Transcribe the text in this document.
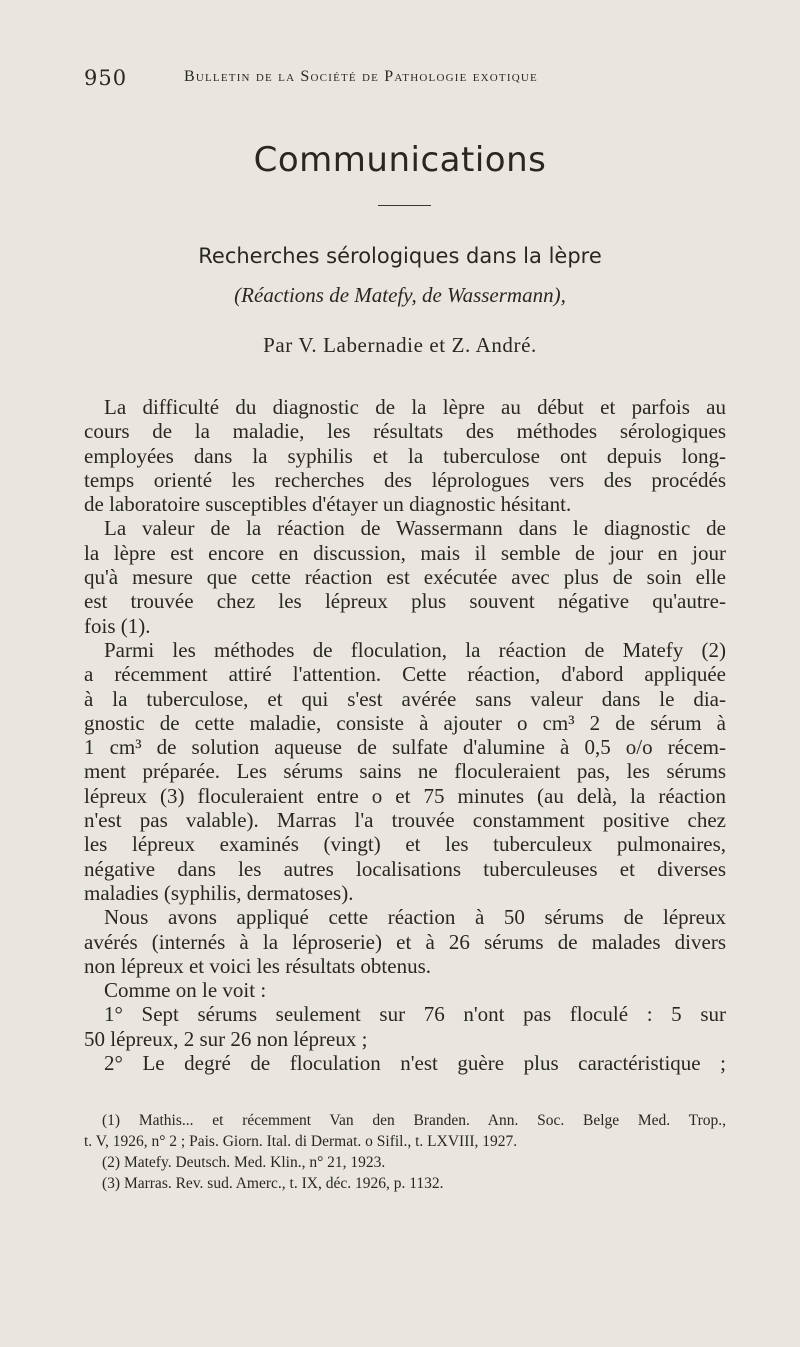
950	Bulletin de la Société de Pathologie exotique
Communications
Recherches sérologiques dans la lèpre
(Réactions de Matefy, de Wassermann),
Par V. Labernadie et Z. André.
La difficulté du diagnostic de la lèpre au début et parfois au
cours de la maladie, les résultats des méthodes sérologiques
employées dans la syphilis et la tuberculose ont depuis long-
temps orienté les recherches des léprologues vers des procédés
de laboratoire susceptibles d'étayer un diagnostic hésitant.
La valeur de la réaction de Wassermann dans le diagnostic de
la lèpre est encore en discussion, mais il semble de jour en jour
qu'à mesure que cette réaction est exécutée avec plus de soin elle
est trouvée chez les lépreux plus souvent négative qu'autre-
fois (1).
Parmi les méthodes de floculation, la réaction de Matefy (2)
a récemment attiré l'attention. Cette réaction, d'abord appliquée
à la tuberculose, et qui s'est avérée sans valeur dans le dia-
gnostic de cette maladie, consiste à ajouter o cm³ 2 de sérum à
1 cm³ de solution aqueuse de sulfate d'alumine à 0,5 o/o récem-
ment préparée. Les sérums sains ne floculeraient pas, les sérums
lépreux (3) floculeraient entre o et 75 minutes (au delà, la réaction
n'est pas valable). Marras l'a trouvée constamment positive chez
les lépreux examinés (vingt) et les tuberculeux pulmonaires,
négative dans les autres localisations tuberculeuses et diverses
maladies (syphilis, dermatoses).
Nous avons appliqué cette réaction à 50 sérums de lépreux
avérés (internés à la léproserie) et à 26 sérums de malades divers
non lépreux et voici les résultats obtenus.
Comme on le voit :
1° Sept sérums seulement sur 76 n'ont pas floculé : 5 sur
50 lépreux, 2 sur 26 non lépreux ;
2° Le degré de floculation n'est guère plus caractéristique ;
(1) Mathis... et récemment Van den Branden. Ann. Soc. Belge Med. Trop.,
t. V, 1926, n° 2 ; Pais. Giorn. Ital. di Dermat. o Sifil., t. LXVIII, 1927.
(2) Matefy. Deutsch. Med. Klin., n° 21, 1923.
(3) Marras. Rev. sud. Amerc., t. IX, déc. 1926, p. 1132.
